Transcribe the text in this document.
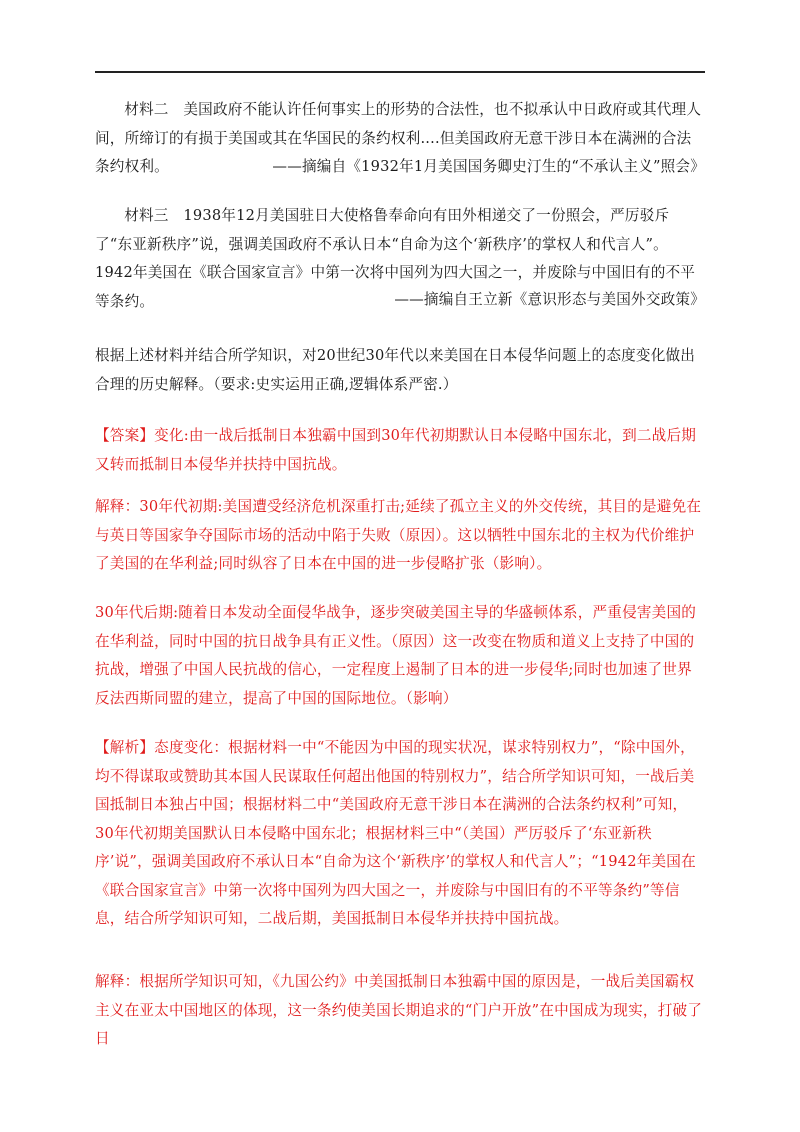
材料二　美国政府不能认许任何事实上的形势的合法性，也不拟承认中日政府或其代理人间，所缔订的有损于美国或其在华国民的条约权利....但美国政府无意干涉日本在满洲的合法条约权利。	——摘编自《1932年1月美国国务卿史汀生的“不承认主义”照会》

材料三　1938年12月美国驻日大使格鲁奉命向有田外相递交了一份照会，严厉驳斥了“东亚新秩序”说，强调美国政府不承认日本“自命为这个‘新秩序’的掌权人和代言人”。1942年美国在《联合国家宣言》中第一次将中国列为四大国之一，并废除与中国旧有的不平等条约。	——摘编自王立新《意识形态与美国外交政策》

根据上述材料并结合所学知识，对20世纪30年代以来美国在日本侵华问题上的态度变化做出合理的历史解释。（要求:史实运用正确,逻辑体系严密.）

【答案】变化:由一战后抵制日本独霸中国到30年代初期默认日本侵略中国东北，到二战后期又转而抵制日本侵华并扶持中国抗战。

解释：30年代初期:美国遭受经济危机深重打击;延续了孤立主义的外交传统，其目的是避免在与英日等国家争夺国际市场的活动中陷于失败（原因）。这以牺牲中国东北的主权为代价维护了美国的在华利益;同时纵容了日本在中国的进一步侵略扩张（影响）。

30年代后期:随着日本发动全面侵华战争，逐步突破美国主导的华盛顿体系，严重侵害美国的在华利益，同时中国的抗日战争具有正义性。（原因）这一改变在物质和道义上支持了中国的抗战，增强了中国人民抗战的信心，一定程度上遏制了日本的进一步侵华;同时也加速了世界反法西斯同盟的建立，提高了中国的国际地位。（影响）

【解析】态度变化：根据材料一中“不能因为中国的现实状况，谋求特别权力”，“除中国外，均不得谋取或赞助其本国人民谋取任何超出他国的特别权力”，结合所学知识可知，一战后美国抵制日本独占中国；根据材料二中“美国政府无意干涉日本在满洲的合法条约权利”可知， 30年代初期美国默认日本侵略中国东北；根据材料三中“（美国）严厉驳斥了‘东亚新秩序’说”，强调美国政府不承认日本“自命为这个‘新秩序’的掌权人和代言人”；“1942年美国在《联合国家宣言》中第一次将中国列为四大国之一，并废除与中国旧有的不平等条约”等信息，结合所学知识可知，二战后期，美国抵制日本侵华并扶持中国抗战。

解释：根据所学知识可知，《九国公约》中美国抵制日本独霸中国的原因是，一战后美国霸权主义在亚太中国地区的体现，这一条约使美国长期追求的“门户开放”在中国成为现实，打破了日
